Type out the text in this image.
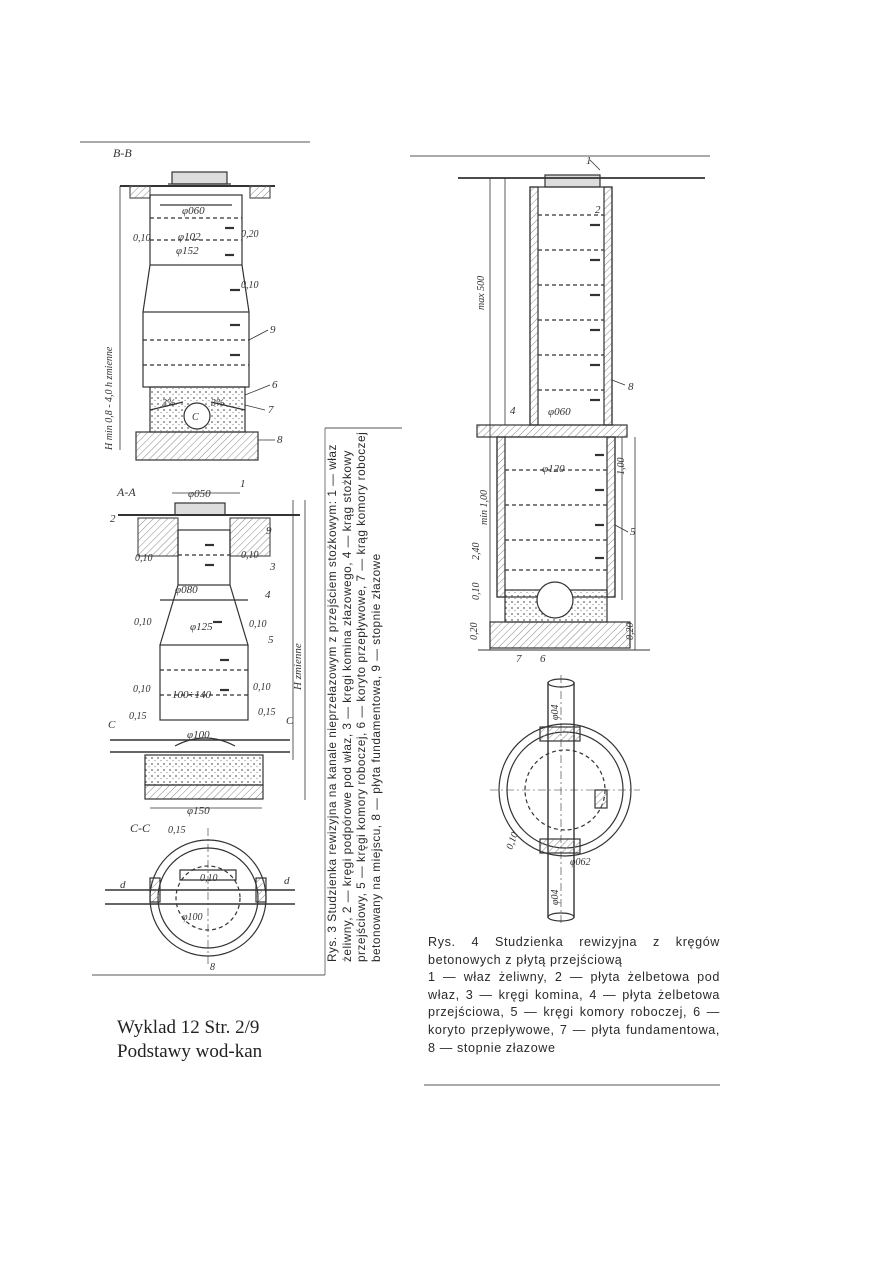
B-B
φ060
φ102
φ152
0,10	0,20
0,10
3%	3%
C
9
6
7
8
H min 0,8 - 4,0 h zmienne
A-A	φ050
1
2
9
3
4
5
0,10	0,10
φ080
φ125
0,10	0,10
100÷140
0,10	0,10
0,15	0,15
φ100
φ150
C	C
H zmienne
C-C
0,10
φ100
0,15
d
d
8
max 500
min 1,00
2,40
0,10
0,20	0,20
1,00
φ060
φ120
2
4
8
5
7 6
1
φ04
φ04
φ062
0,10
Rys. 3 Studzienka rewizyjna na kanale nieprzełazowym z przejściem stożkowym: 1 — właz żeliwny, 2 — kręgi podpórowe pod właz, 3 — kręgi komina złazowego, 4 — krąg stożkowy przejściowy, 5 — kręgi komory roboczej, 6 — koryto przepływowe, 7 — krąg komory roboczej betonowany na miejscu, 8 — płyta fundamentowa, 9 — stopnie złazowe	Rys. 4 Studzienka rewizyjna z kręgów betonowych z płytą przejściową
1 — właz żeliwny, 2 — płyta żelbetowa pod właz, 3 — kręgi komina, 4 — płyta żelbetowa przejściowa, 5 — kręgi komory roboczej, 6 — koryto przepływowe, 7 — płyta fundamentowa, 8 — stopnie złazowe
Wyklad 12 Str. 2/9
Podstawy wod-kan
